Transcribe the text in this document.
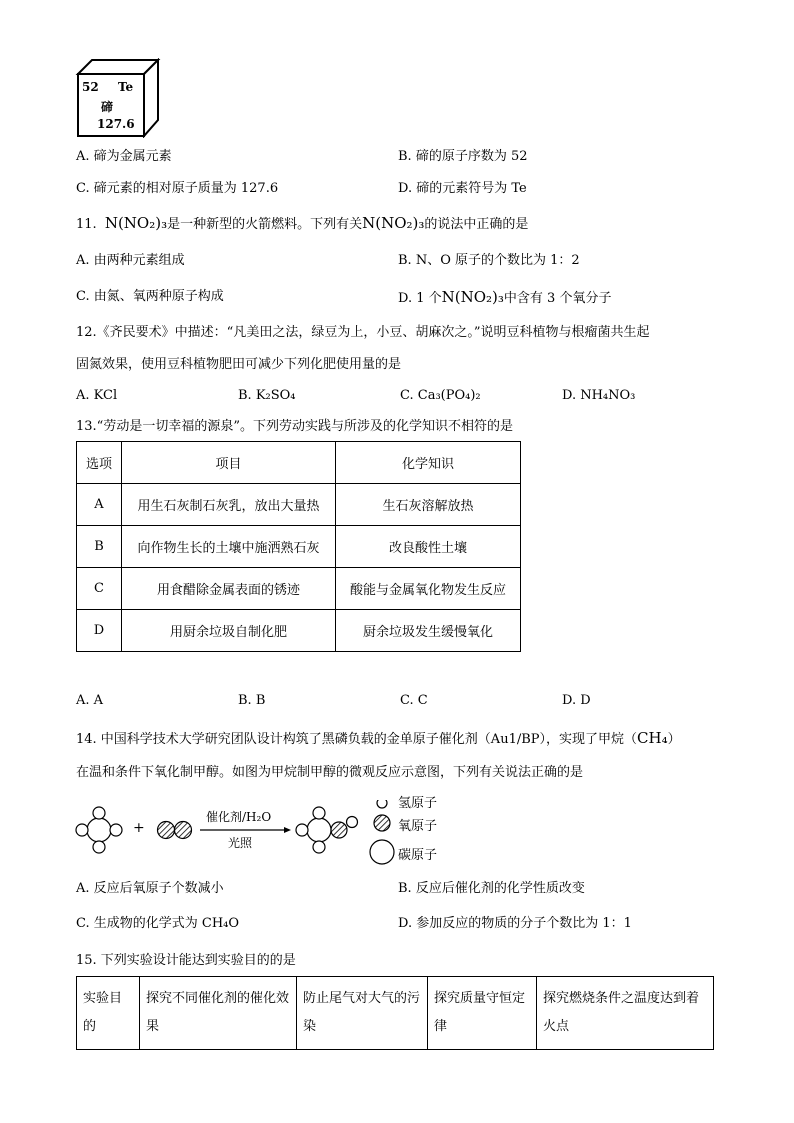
52 Te
碲
127.6
A. 碲为金属元素	B. 碲的原子序数为 52
C. 碲元素的相对原子质量为 127.6	D. 碲的元素符号为 Te
11. N(NO₂)₃是一种新型的火箭燃料。下列有关N(NO₂)₃的说法中正确的是
A. 由两种元素组成	B. N、O 原子的个数比为 1：2
C. 由氮、氧两种原子构成	D. 1 个N(NO₂)₃中含有 3 个氧分子
12.《齐民要术》中描述：“凡美田之法，绿豆为上，小豆、胡麻次之。”说明豆科植物与根瘤菌共生起
固氮效果，使用豆科植物肥田可减少下列化肥使用量的是
A. KCl	B. K₂SO₄	C. Ca₃(PO₄)₂	D. NH₄NO₃
13.“劳动是一切幸福的源泉”。下列劳动实践与所涉及的化学知识不相符的是
选项	项目	化学知识
A	用生石灰制石灰乳，放出大量热	生石灰溶解放热
B	向作物生长的土壤中施洒熟石灰	改良酸性土壤
C	用食醋除金属表面的锈迹	酸能与金属氧化物发生反应
D	用厨余垃圾自制化肥	厨余垃圾发生缓慢氧化
A. A	B. B	C. C	D. D
14. 中国科学技术大学研究团队设计构筑了黑磷负载的金单原子催化剂（Au1/BP），实现了甲烷（CH₄）
在温和条件下氧化制甲醇。如图为甲烷制甲醇的微观反应示意图，下列有关说法正确的是
+
催化剂/H₂O
光照
氢原子
氧原子
碳原子
A. 反应后氧原子个数减小	B. 反应后催化剂的化学性质改变
C. 生成物的化学式为 CH₄O	D. 参加反应的物质的分子个数比为 1：1
15. 下列实验设计能达到实验目的的是
实验目的	探究不同催化剂的催化效果	防止尾气对大气的污染	探究质量守恒定律	探究燃烧条件之温度达到着火点
